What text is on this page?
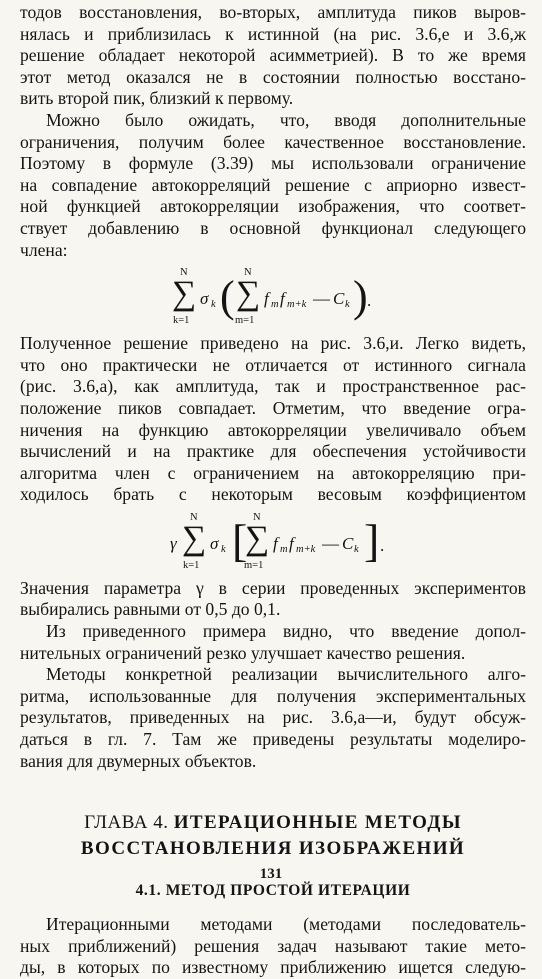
тодов восстановления, во-вторых, амплитуда пиков выров-
нялась и приблизилась к истинной (на рис. 3.6,е и 3.6,ж
решение обладает некоторой асимметрией). В то же время
этот метод оказался не в состоянии полностью восстано-
вить второй пик, близкий к первому.

Можно было ожидать, что, вводя дополнительные
ограничения, получим более качественное восстановление.
Поэтому в формуле (3.39) мы использовали ограничение
на совпадение автокорреляций решение с априорно извест-
ной функцией автокорреляции изображения, что соответ-
ствует добавлению в основной функционал следующего
члена:

N
∑
k=1
σ k ( N
∑
m=1
f m f m+k — C k ) .

Полученное решение приведено на рис. 3.6,и. Легко видеть,
что оно практически не отличается от истинного сигнала
(рис. 3.6,а), как амплитуда, так и пространственное рас-
положение пиков совпадает. Отметим, что введение огра-
ничения на функцию автокорреляции увеличивало объем
вычислений и на практике для обеспечения устойчивости
алгоритма член с ограничением на автокорреляцию при-
ходилось брать с некоторым весовым коэффициентом

γ
N
∑
k=1
σ k [ N
∑
m=1
f m f m+k — C k ] .

Значения параметра γ в серии проведенных экспериментов
выбирались равными от 0,5 до 0,1.

Из приведенного примера видно, что введение допол-
нительных ограничений резко улучшает качество решения.

Методы конкретной реализации вычислительного алго-
ритма, использованные для получения экспериментальных
результатов, приведенных на рис. 3.6,а—и, будут обсуж-
даться в гл. 7. Там же приведены результаты моделиро-
вания для двумерных объектов.

ГЛАВА 4. ИТЕРАЦИОННЫЕ МЕТОДЫ
ВОССТАНОВЛЕНИЯ ИЗОБРАЖЕНИЙ
4.1. МЕТОД ПРОСТОЙ ИТЕРАЦИИ

Итерационными методами (методами последователь-
ных приближений) решения задач называют такие мето-
ды, в которых по известному приближению ищется следую-

131
